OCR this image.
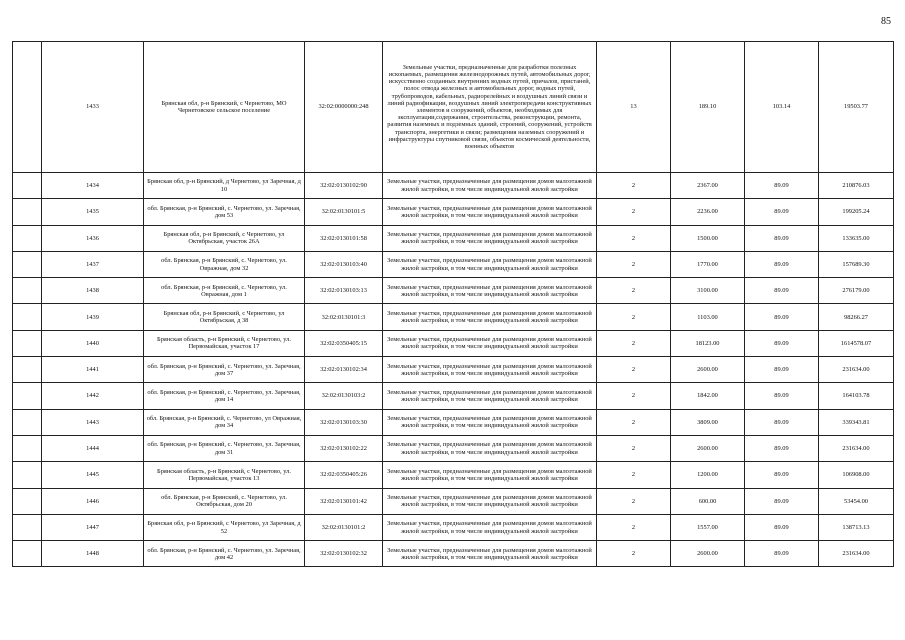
85
	1433	Брянская обл, р-н Брянский, с Чернетово, МО Чернетовское сельское поселение	32:02:0000000:248	Земельные участки, предназначенные для разработки полезных ископаемых, размещения железнодорожных путей, автомобильных дорог, искусственно созданных внутренних водных путей, причалов, пристаней, полос отвода железных и автомобильных дорог, водных путей, трубопроводов, кабельных, радиорелейных и воздушных линий связи и линий радиофикации, воздушных линий электропередачи конструктивных элементов и сооружений, объектов, необходимых для эксплуатации,содержания, строительства, реконструкции, ремонта, развития наземных и подземных зданий, строений, сооружений, устройств транспорта, энергетики и связи; размещения наземных сооружений и инфраструктуры спутниковой связи, объектов космической деятельности, военных объектов	13	189.10	103.14	19503.77
	1434	Брянская обл, р-н Брянский, д Чернетово, ул Заречная, д 10	32:02:0130102:90	Земельные участки, предназначенные для размещения домов малоэтажной жилой застройки, в том числе индивидуальной жилой застройки	2	2367.00	89.09	210876.03
	1435	обл. Брянская, р-н Брянский, с. Чернетово, ул. Заречная, дом 53	32:02:0130101:5	Земельные участки, предназначенные для размещения домов малоэтажной жилой застройки, в том числе индивидуальной жилой застройки	2	2236.00	89.09	199205.24
	1436	Брянская обл, р-н Брянский, с Чернетово, ул Октябрьская, участок 26А	32:02:0130101:58	Земельные участки, предназначенные для размещения домов малоэтажной жилой застройки, в том числе индивидуальной жилой застройки	2	1500.00	89.09	133635.00
	1437	обл. Брянская, р-н Брянский, с. Чернетово, ул. Овражная, дом 32	32:02:0130103:40	Земельные участки, предназначенные для размещения домов малоэтажной жилой застройки, в том числе индивидуальной жилой застройки	2	1770.00	89.09	157689.30
	1438	обл. Брянская, р-н Брянский, с. Чернетово, ул. Овражная, дом 1	32:02:0130103:13	Земельные участки, предназначенные для размещения домов малоэтажной жилой застройки, в том числе индивидуальной жилой застройки	2	3100.00	89.09	276179.00
	1439	Брянская обл, р-н Брянский, с Чернетово, ул Октябрьская, д 38	32:02:0130101:3	Земельные участки, предназначенные для размещения домов малоэтажной жилой застройки, в том числе индивидуальной жилой застройки	2	1103.00	89.09	98266.27
	1440	Брянская область, р-н Брянский, с Чернетово, ул. Первомайская, участок 17	32:02:0350405:15	Земельные участки, предназначенные для размещения домов малоэтажной жилой застройки, в том числе индивидуальной жилой застройки	2	18123.00	89.09	1614578.07
	1441	обл. Брянская, р-н Брянский, с. Чернетово, ул. Заречная, дом 37	32:02:0130102:34	Земельные участки, предназначенные для размещения домов малоэтажной жилой застройки, в том числе индивидуальной жилой застройки	2	2600.00	89.09	231634.00
	1442	обл. Брянская, р-н Брянский, с. Чернетово, ул. Заречная, дом 14	32:02:0130103:2	Земельные участки, предназначенные для размещения домов малоэтажной жилой застройки, в том числе индивидуальной жилой застройки	2	1842.00	89.09	164103.78
	1443	обл. Брянская, р-н Брянский, с. Чернетово, ул Овражная, дом 34	32:02:0130103:30	Земельные участки, предназначенные для размещения домов малоэтажной жилой застройки, в том числе индивидуальной жилой застройки	2	3809.00	89.09	339343.81
	1444	обл. Брянская, р-н Брянский, с. Чернетово, ул. Заречная, дом 31	32:02:0130102:22	Земельные участки, предназначенные для размещения домов малоэтажной жилой застройки, в том числе индивидуальной жилой застройки	2	2600.00	89.09	231634.00
	1445	Брянская область, р-н Брянский, с Чернетово, ул. Первомайская, участок 13	32:02:0350405:26	Земельные участки, предназначенные для размещения домов малоэтажной жилой застройки, в том числе индивидуальной жилой застройки	2	1200.00	89.09	106908.00
	1446	обл. Брянская, р-н Брянский, с. Чернетово, ул. Октябрьская, дом 20	32:02:0130101:42	Земельные участки, предназначенные для размещения домов малоэтажной жилой застройки, в том числе индивидуальной жилой застройки	2	600.00	89.09	53454.00
	1447	Брянская обл, р-н Брянский, с Чернетово, ул Заречная, д 52	32:02:0130101:2	Земельные участки, предназначенные для размещения домов малоэтажной жилой застройки, в том числе индивидуальной жилой застройки	2	1557.00	89.09	138713.13
	1448	обл. Брянская, р-н Брянский, с. Чернетово, ул. Заречная, дом 42	32:02:0130102:32	Земельные участки, предназначенные для размещения домов малоэтажной жилой застройки, в том числе индивидуальной жилой застройки	2	2600.00	89.09	231634.00
